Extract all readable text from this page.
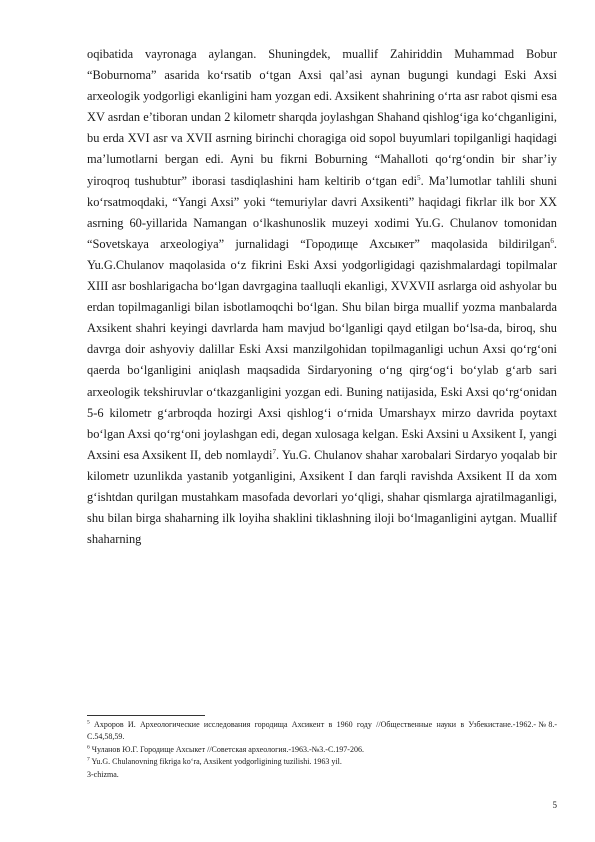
oqibatida vayronaga aylangan. Shuningdek, muallif Zahiriddin Muhammad Bobur “Boburnoma” asarida ko‘rsatib o‘tgan Axsi qal’asi aynan bugungi kundagi Eski Axsi arxeologik yodgorligi ekanligini ham yozgan edi. Axsikent shahrining o‘rta asr rabot qismi esa XV asrdan e’tiboran undan 2 kilometr sharqda joylashgan Shahand qishlog‘iga ko‘chganligini, bu erda XVI asr va XVII asrning birinchi choragiga oid sopol buyumlari topilganligi haqidagi ma’lumotlarni bergan edi. Ayni bu fikrni Boburning “Mahalloti qo‘rg‘ondin bir shar’iy yiroqroq tushubtur” iborasi tasdiqlashini ham keltirib o‘tgan edi$^5$. Ma’lumotlar tahlili shuni ko‘rsatmoqdaki, “Yangi Axsi” yoki “temuriylar davri Axsikenti” haqidagi fikrlar ilk bor XX asrning 60-yillarida Namangan o‘lkashunoslik muzeyi xodimi Yu.G. Chulanov tomonidan “Sovetskaya arxeologiya” jurnalidagi “Городище Ахсыкет” maqolasida bildirilgan$^6$. Yu.G.Chulanov maqolasida o‘z fikrini Eski Axsi yodgorligidagi qazishmalardagi topilmalar XIII asr boshlarigacha bo‘lgan davrgagina taalluqli ekanligi, XVXVII asrlarga oid ashyolar bu erdan topilmaganligi bilan isbotlamoqchi bo‘lgan. Shu bilan birga muallif yozma manbalarda Axsikent shahri keyingi davrlarda ham mavjud bo‘lganligi qayd etilgan bo‘lsa-da, biroq, shu davrga doir ashyoviy dalillar Eski Axsi manzilgohidan topilmaganligi uchun Axsi qo‘rg‘oni qaerda bo‘lganligini aniqlash maqsadida Sirdaryoning o‘ng qirg‘og‘i bo‘ylab g‘arb sari arxeologik tekshiruvlar o‘tkazganligini yozgan edi. Buning natijasida, Eski Axsi qo‘rg‘onidan 5-6 kilometr g‘arbroqda hozirgi Axsi qishlog‘i o‘rnida Umarshayx mirzo davrida poytaxt bo‘lgan Axsi qo‘rg‘oni joylashgan edi, degan xulosaga kelgan. Eski Axsini u Axsikent I, yangi Axsini esa Axsikent II, deb nomlaydi$^7$. Yu.G. Chulanov shahar xarobalari Sirdaryo yoqalab bir kilometr uzunlikda yastanib yotganligini, Axsikent I dan farqli ravishda Axsikent II da xom g‘ishtdan qurilgan mustahkam masofada devorlari yo‘qligi, shahar qismlarga ajratilmaganligi, shu bilan birga shaharning ilk loyiha shaklini tiklashning iloji bo‘lmaganligini aytgan. Muallif shaharning

$^5$ Ахроров И. Археологические исследования городища Ахсикент в 1960 году //Общественные науки в Узбекистане.-1962.-№8.-С.54,58,59.
$^6$ Чуланов Ю.Г. Городище Ахсыкет //Советская археология.-1963.-№3.-С.197-206.
$^7$ Yu.G. Chulanovning fikriga ko‘ra, Axsikent yodgorligining tuzilishi. 1963 yil.
3-chizma.
5
